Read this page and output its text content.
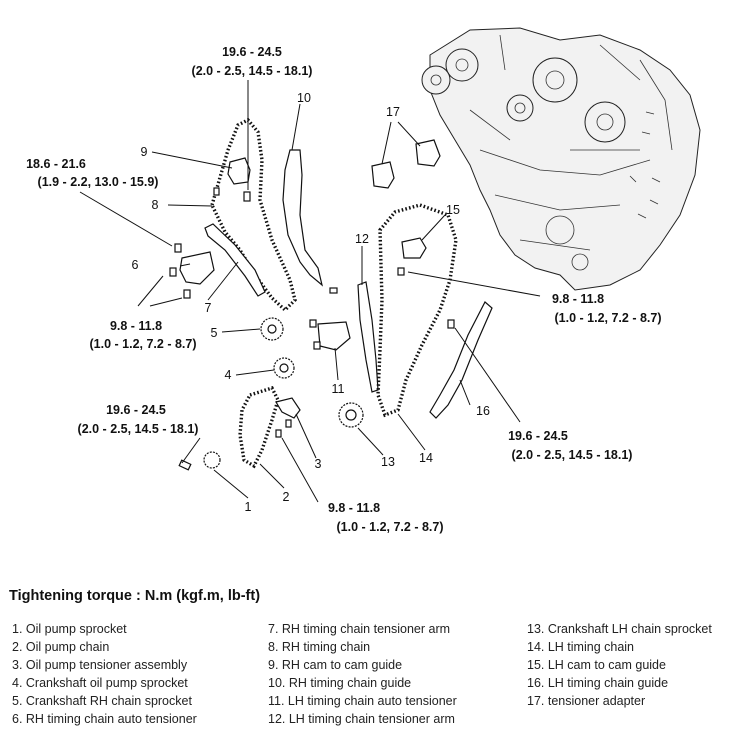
19.6 - 24.5
(2.0 - 2.5, 14.5 - 18.1)
18.6 - 21.6
(1.9 - 2.2, 13.0 - 15.9)
9.8 - 11.8
(1.0 - 1.2, 7.2 - 8.7)
9.8 - 11.8
(1.0 - 1.2, 7.2 - 8.7)
19.6 - 24.5
(2.0 - 2.5, 14.5 - 18.1)
9.8 - 11.8
(1.0 - 1.2, 7.2 - 8.7)
19.6 - 24.5
(2.0 - 2.5, 14.5 - 18.1)
1
2
3
4
5
6
7
8
9
10
11
12
13 14
15
16
17
Tightening torque : N.m (kgf.m, lb-ft)
1. Oil pump sprocket
2. Oil pump chain
3. Oil pump tensioner assembly
4. Crankshaft oil pump sprocket
5. Crankshaft RH chain sprocket
6. RH timing chain auto tensioner
7. RH timing chain tensioner arm
8. RH timing chain
9. RH cam to cam guide
10. RH timing chain guide
11. LH timing chain auto tensioner
12. LH timing chain tensioner arm
13. Crankshaft LH chain sprocket
14. LH timing chain
15. LH cam to cam guide
16. LH timing chain guide
17. tensioner adapter
